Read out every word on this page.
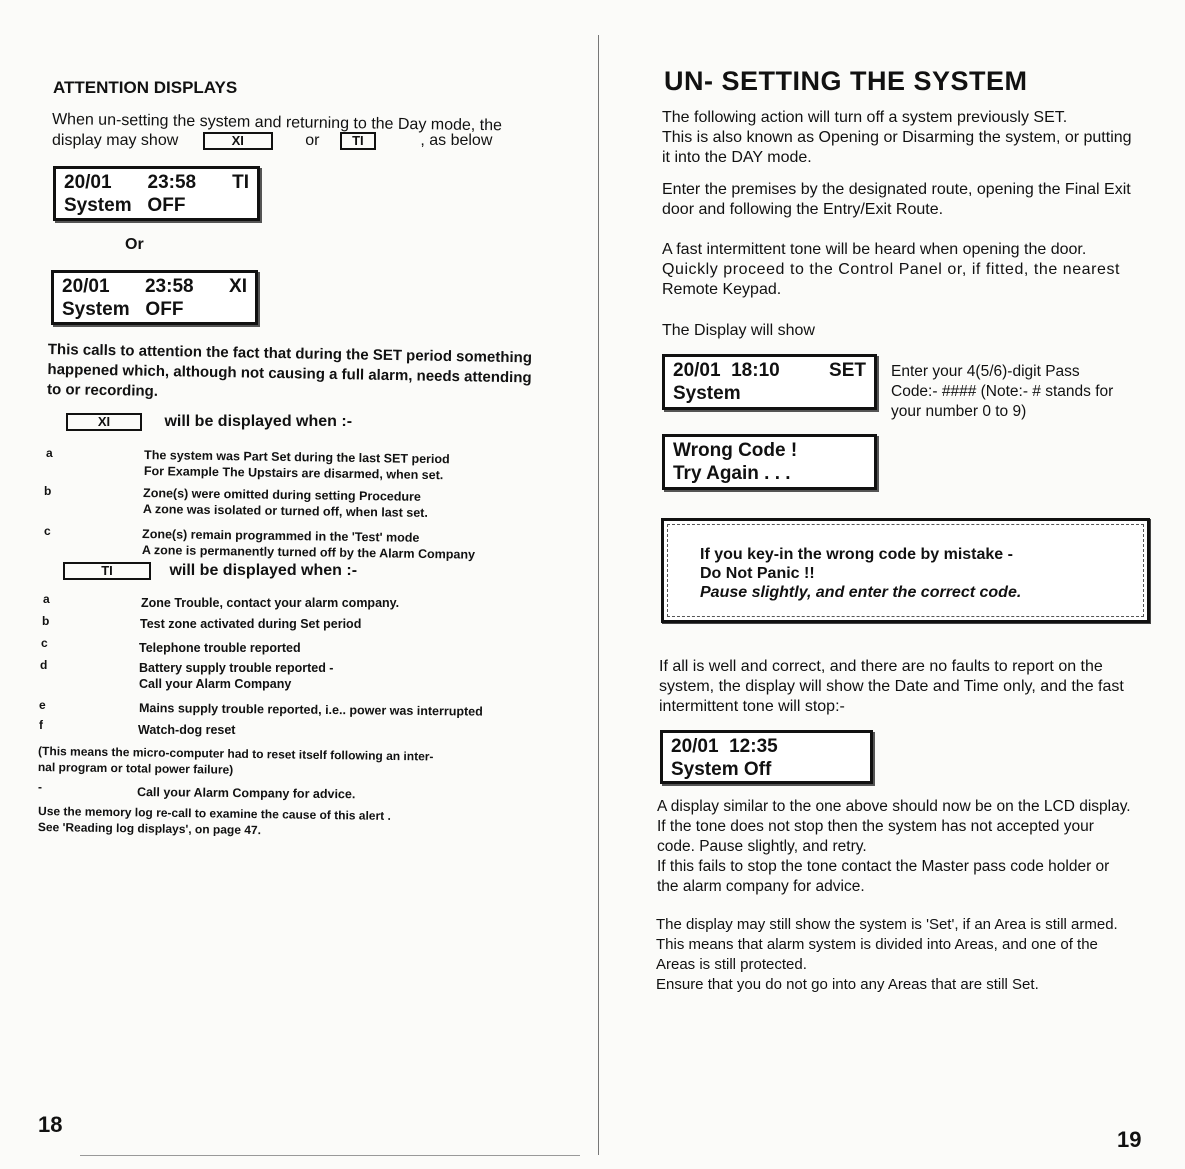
ATTENTION DISPLAYS
When un-setting the system and returning to the Day mode, the
display may show	XI	or	TI	, as below
20/01 23:58 TI
System   OFF
Or
20/01 23:58 XI
System   OFF
This calls to attention the fact that during the SET period something
happened which, although not causing a full alarm, needs attending
to or recording.
XI	will be displayed when :-
a	The system was Part Set during the last SET period
For Example The Upstairs are disarmed, when set.
b	Zone(s) were omitted during setting Procedure
A zone was isolated or turned off, when last set.
c	Zone(s) remain programmed in the 'Test' mode
A zone is permanently turned off by the Alarm Company
TI	will be displayed when :-
a	Zone Trouble, contact your alarm company.
b	Test zone activated during Set period
c	Telephone trouble reported
d	Battery supply trouble reported -
Call your Alarm Company
e	Mains supply trouble reported, i.e.. power was interrupted
f	Watch-dog reset
(This means the micro-computer had to reset itself following an inter-
nal program or total power failure)
-	Call your Alarm Company for advice.
Use the memory log re-call to examine the cause of this alert .
See 'Reading log displays', on page 47.
18
UN- SETTING THE SYSTEM
The following action will turn off a system previously SET.
This is also known as Opening or Disarming the system, or putting
it into the DAY mode.
Enter the premises by the designated route, opening the Final Exit
door and following the Entry/Exit Route.
A fast intermittent tone will be heard when opening the door.
Quickly proceed to the Control Panel or, if fitted, the nearest
Remote Keypad.
The Display will show
20/01 18:10	SET
System
Enter your 4(5/6)-digit Pass
Code:- #### (Note:- # stands for
your number 0 to 9)
Wrong Code !
Try Again . . .

If you key-in the wrong code by mistake -

Do Not Panic !!

Pause slightly, and enter the correct code.

If all is well and correct, and there are no faults to report on the
system, the display will show the Date and Time only, and the fast
intermittent tone will stop:-
20/01 12:35
System Off
A display similar to the one above should now be on the LCD display.
If the tone does not stop then the system has not accepted your
code. Pause slightly, and retry.
If this fails to stop the tone contact the Master pass code holder or
the alarm company for advice.
The display may still show the system is 'Set', if an Area is still armed.
This means that alarm system is divided into Areas, and one of the
Areas is still protected.
Ensure that you do not go into any Areas that are still Set.
19
